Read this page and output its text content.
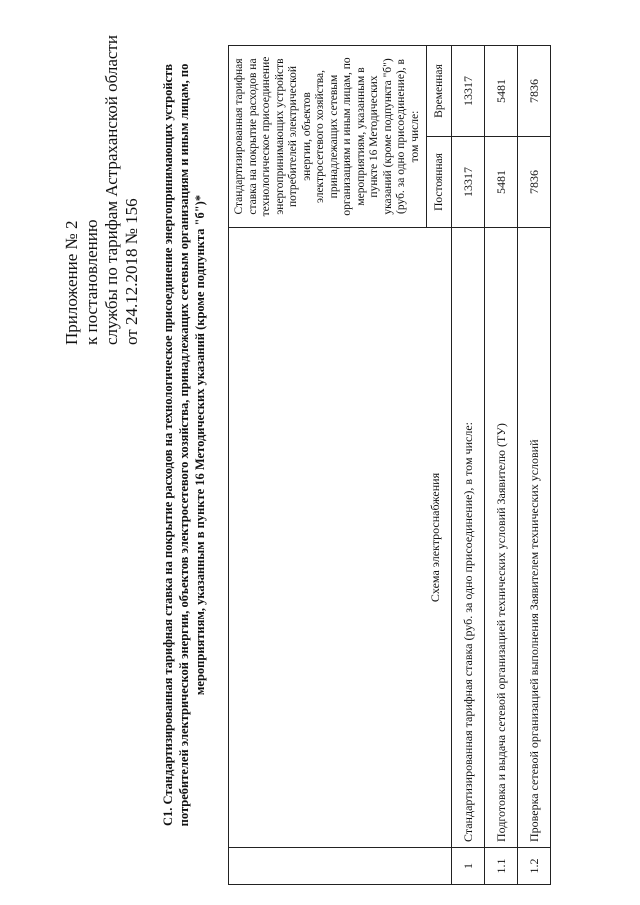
Приложение № 2 к постановлению службы по тарифам Астраханской области от 24.12.2018 № 156 С1. Стандартизированная тарифная ставка на покрытие расходов на технологическое присоединение энергопринимающих устройств потребителей электрической энергии, объектов электросетевого хозяйства, принадлежащих сетевым организациям и иным лицам, по мероприятиям, указанным в пункте 16 Методических указаний (кроме подпункта "б")*
		Схема электроснабжения	Стандартизированная тарифная ставка на покрытие расходов на технологическое присоединение энергопринимающих устройств потребителей электрической энергии, объектов электросетевого хозяйства, принадлежащих сетевым организациям и иным лицам, по мероприятиям, указанным в пункте 16 Методических указаний (кроме подпункта "б") (руб. за одно присоединение), в том числе:	
		Постоянная	Временная
1	Стандартизированная тарифная ставка (руб. за одно присоединение), в том числе:	13317	13317
1.1	Подготовка и выдача сетевой организацией технических условий Заявителю (ТУ)	5481	5481
1.2	Проверка сетевой организацией выполнения Заявителем технических условий	7836	7836
